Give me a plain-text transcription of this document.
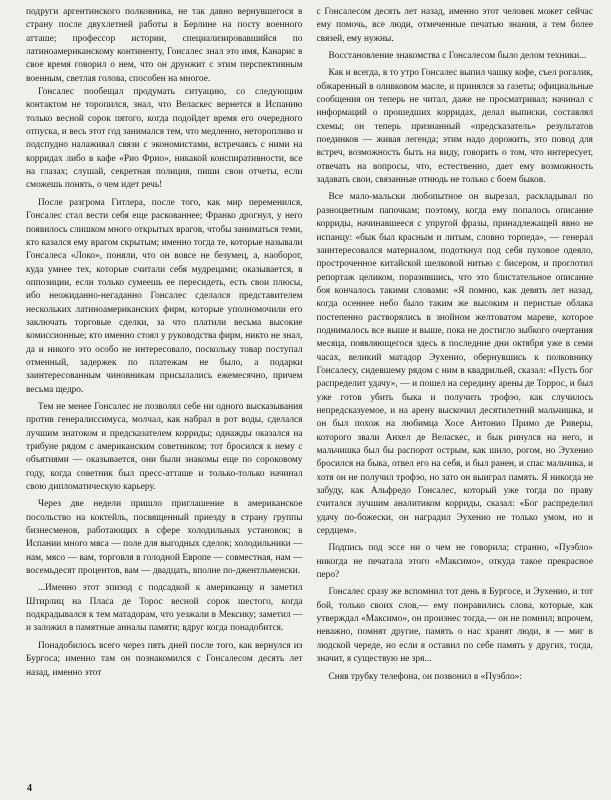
подруги аргентинского полковника, не так давно вернувшегося в страну после двухлетней работы в Берлине на посту военного атташе; профессор истории, специализировавшийся по латиноамериканскому континенту, Гонсалес знал это имя, Канарис в свое время говорил о нем, что он друнжит с этим перспективным военным, светлая голова, способен на многое.

Гонсалес пообещал продумать ситуацию, со следующим контактом не торопился, знал, что Веласкес вернется в Испанию только весной сорок пятого, когда подойдет время его очередного отпуска, и весь этот год занимался тем, что медленно, неторопливо и подспудно налаживал связи с экономистами, встречаясь с ними на корридах либо в кафе «Рио Фрио», никакой конспиративности, все на глазах; слушай, секретная полиция, пиши свои отчеты, если сможешь понять, о чем идет речь!

После разгрома Гитлера, после того, как мир переменился, Гонсалес стал вести себя еще раскованнее; Франко дрогнул, у него появилось слишком много открытых врагов, чтобы заниматься теми, кто казался ему врагом скрытым; именно тогда те, которые называли Гонсалеса «Локо», поняли, что он вовсе не безумец, а, наоборот, куда умнее тех, которые считали себя мудрецами; оказывается, в оппозиции, если только сумеешь ее пересидеть, есть свои плюсы, ибо неожиданно-негаданно Гонсалес сделался представителем нескольких латиноамериканских фирм, которые уполномочили его заключать торговые сделки, за что платили весьма высокие комиссионные; кто именно стоял у руководства фирм, никто не знал, да и никого это особо не интересовало, поскольку товар поступал отменный, задержек по платежам не было, а подарки заинтересованным чиновникам присылались ежемесячно, причем весьма щедро.

Тем не менее Гонсалес не позволял себе ни одного высказывания против генералиссимуса, молчал, как набрал в рот воды, сделался лучшим знатоком и предсказателем корриды; однажды оказался на трибуне рядом с американским советником; тот бросился к нему с объятиями — оказывается, они были знакомы еще по сороковому году, когда советник был пресс-атташе и только-только начинал свою дипломатическую карьеру.

Через две недели пришло приглашение в американское посольство на коктейль, посвященный приезду в страну группы бизнесменов, работающих в сфере холодильных установок; в Испании много мяса — поле для выгодных сделок; холодильники — нам, мясо — вам, торговля в голодной Европе — совместная, нам — восемьдесят процентов, вам — двадцать, вполне по-джентльменски.

...Именно этот эпизод с подсадкой к американцу и заметил Штирлиц на Пласа де Торос весной сорок шестого, когда подкрадывался к тем матадорам, что уезжали в Мексику; заметил — и заложил в памятные анналы памяти; вдруг когда понадобится.

Понадобилось всего через пять дней после того, как вернулся из Бургоса; именно там он познакомился с Гонсалесом десять лет назад, именно этот

с Гонсалесом десять лет назад, именно этот человек может сейчас ему помочь, все люди, отмеченные печатью знания, а тем более связей, ему нужны.

Восстановление знакомства с Гонсалесом было делом техники...

Как и всегда, в то утро Гонсалес выпил чашку кофе, съел рогалик, обжаренный в оливковом масле, и принялся за газеты; официальные сообщения он теперь не читал, даже не просматривал; начинал с информаций о прошедших корридах, делал выписки, составлял схемы; он теперь признанный «предсказатель» результатов поединков — живая легенда; этим надо дорожить, это повод для встреч, возможность быть на виду, говорить о том, что интересует, отвечать на вопросы, что, естественно, дает ему возможность задавать свои, связанные отнюдь не только с боем быков.

Все мало-мальски любопытное он вырезал, раскладывал по разноцветным папочкам; поэтому, когда ему попалось описание корриды, начинавшееся с упругой фразы, принадлежащей явно не испанцу: «бык был красным и литым, словно торпеда», — генерал заинтересовался материалом, подоткнул под себя пуховое одеяло, простроченное китайской шелковой нитью с бисером, и проглотил репортаж целиком, поразившись, что это блистательное описание боя кончалось такими словами: «Я помню, как девять лет назад, когда осеннее небо было таким же высоким и перистые облака постепенно растворялись в знойном желтоватом мареве, которое поднималось все выше и выше, пока не достигло зыбкого очертания месяца, появляющегося здесь в последние дни октября уже в семи часах, великий матадор Эухенио, обернувшись к полковнику Гонсалесу, сидевшему рядом с ним в квадрильей, сказал: «Пусть бог распределит удачу», — и пошел на середину арены де Торрос, и был уже готов убить быка и получить трофэо, как случилось непредсказуемое, и на арену выскочил десятилетний мальчишка, и он был похож на любимца Хосе Антонио Примо де Риверы, которого звали Анхел де Веласкес, и бык ринулся на него, и мальчишка был бы распорот острым, как шило, рогом, но Эухенио бросился на быка, отвел его на себя, и был ранен, и спас мальчика, и хотя он не получил трофэо, но зато он выиграл память. Я никогда не забуду, как Альфредо Гонсалес, который уже тогда по праву считался лучшим аналитиком корриды, сказал: «Бог распределил удачу по-божески, он наградил Эухенио не только умом, но и сердцем».

Подпись под эссе ни о чем не говорила; странно, «Пуэбло» никогда не печатала этого «Максимо», откуда такое прекрасное перо?

Гонсалес сразу же вспомнил тот день в Бургосе, и Эухенио, и тот бой, только своих слов,— ему понравились слова, которые, как утверждал «Максимо», он произнес тогда,— он не помнил; впрочем, неважно, помнят другие, память о нас хранят люди, я — миг в людской череде, но если я оставил по себе память у других, тогда, значит, я существую не зря...

Сняв трубку телефона, он позвонил в «Пуэбло»:

4
